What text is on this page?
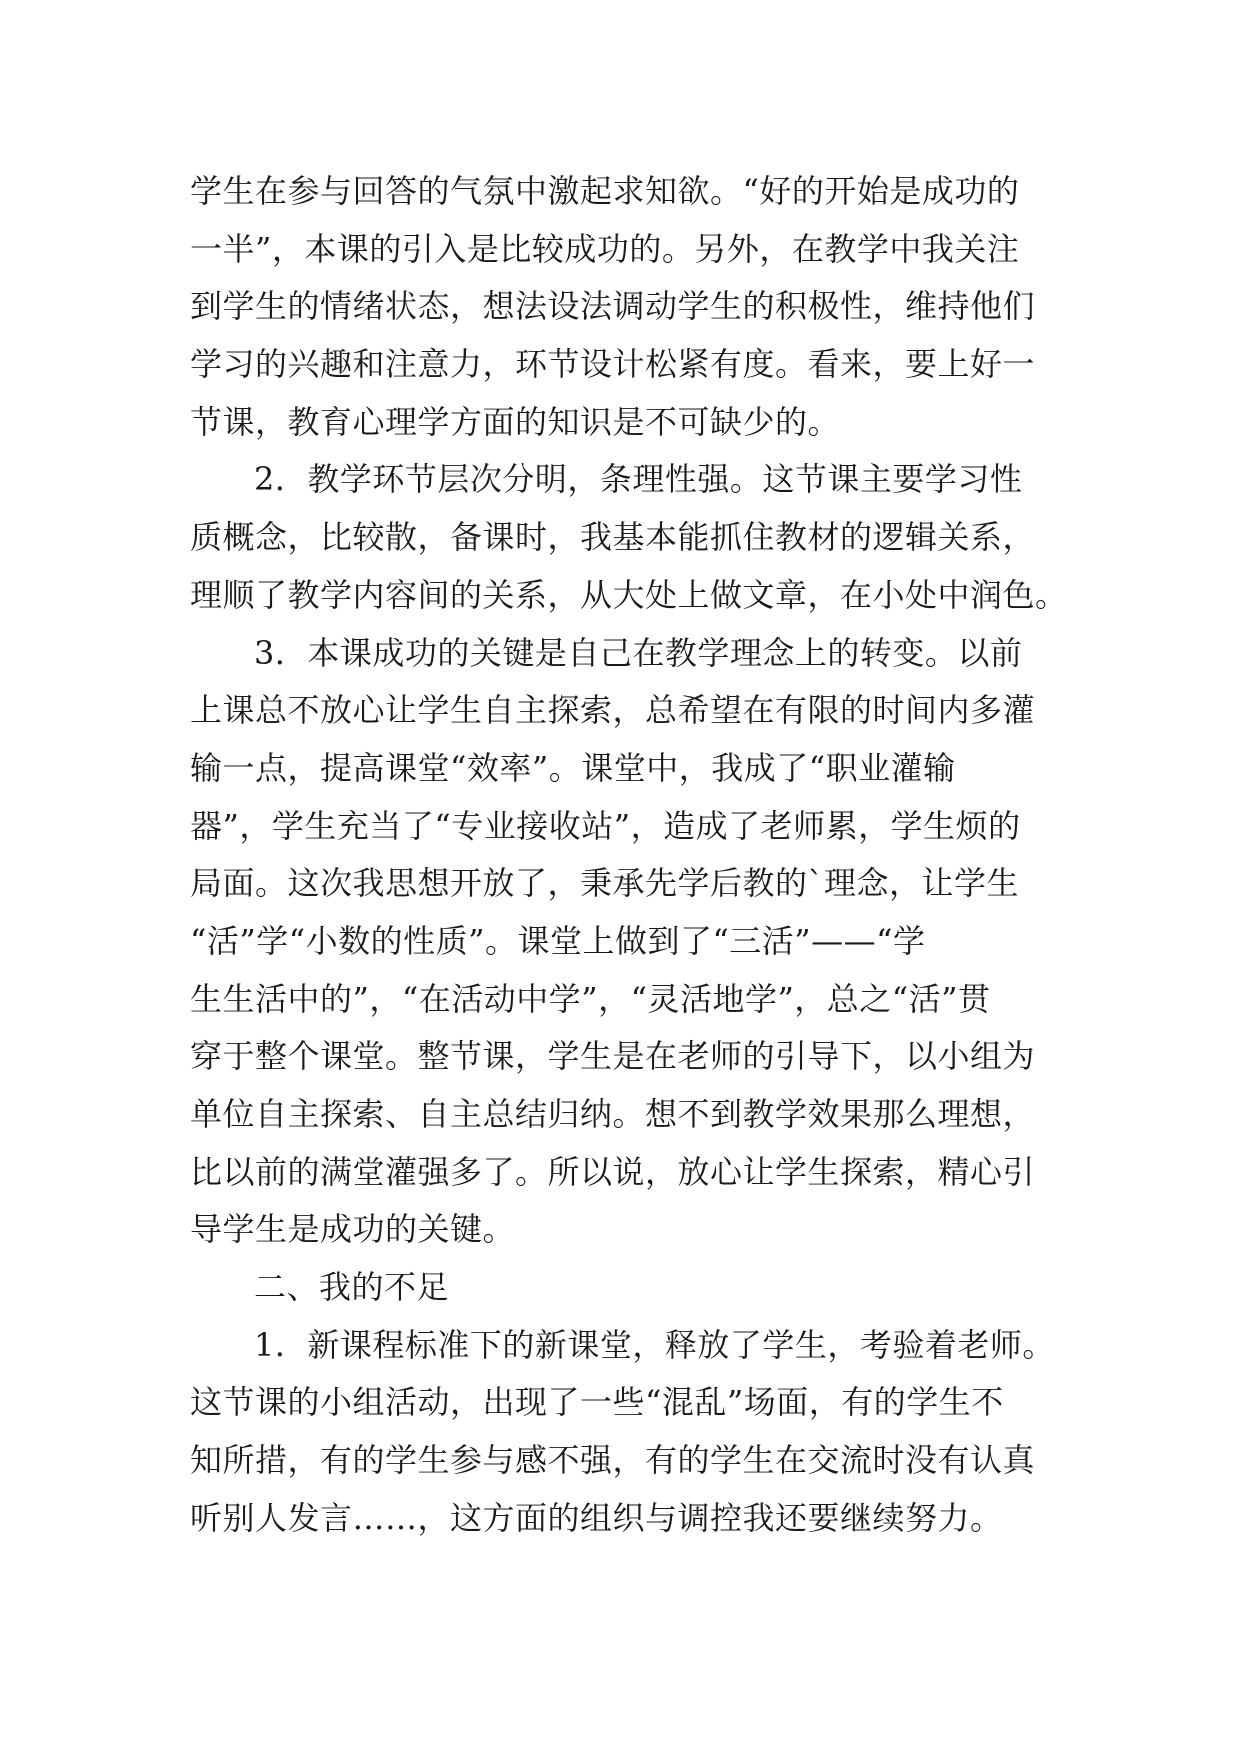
学生在参与回答的气氛中激起求知欲。“好的开始是成功的
一半”，本课的引入是比较成功的。另外，在教学中我关注
到学生的情绪状态，想法设法调动学生的积极性，维持他们
学习的兴趣和注意力，环节设计松紧有度。看来，要上好一
节课，教育心理学方面的知识是不可缺少的。
2．教学环节层次分明，条理性强。这节课主要学习性
质概念，比较散，备课时，我基本能抓住教材的逻辑关系，
理顺了教学内容间的关系，从大处上做文章，在小处中润色。
3．本课成功的关键是自己在教学理念上的转变。以前
上课总不放心让学生自主探索，总希望在有限的时间内多灌
输一点，提高课堂“效率”。课堂中，我成了“职业灌输
器”，学生充当了“专业接收站”，造成了老师累，学生烦的
局面。这次我思想开放了，秉承先学后教的`理念，让学生
“活”学“小数的性质”。课堂上做到了“三活”——“学
生生活中的”，“在活动中学”，“灵活地学”，总之“活”贯
穿于整个课堂。整节课，学生是在老师的引导下，以小组为
单位自主探索、自主总结归纳。想不到教学效果那么理想，
比以前的满堂灌强多了。所以说，放心让学生探索，精心引
导学生是成功的关键。
二、我的不足
1．新课程标准下的新课堂，释放了学生，考验着老师。
这节课的小组活动，出现了一些“混乱”场面，有的学生不
知所措，有的学生参与感不强，有的学生在交流时没有认真
听别人发言……，这方面的组织与调控我还要继续努力。
